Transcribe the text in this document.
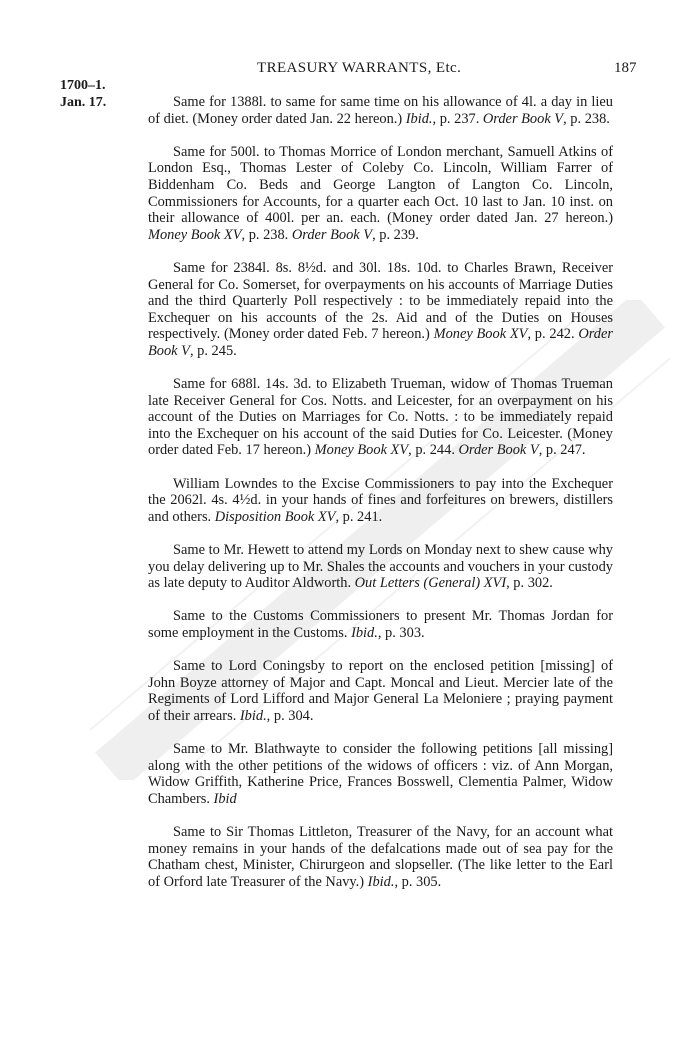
TREASURY WARRANTS, Etc.	187
1700–1.
Jan. 17.	Same for 1388l. to same for same time on his allowance of 4l. a day in lieu of diet. (Money order dated Jan. 22 hereon.) Ibid., p. 237. Order Book V, p. 238.

Same for 500l. to Thomas Morrice of London merchant, Samuell Atkins of London Esq., Thomas Lester of Coleby Co. Lincoln, William Farrer of Biddenham Co. Beds and George Langton of Langton Co. Lincoln, Commissioners for Accounts, for a quarter each Oct. 10 last to Jan. 10 inst. on their allowance of 400l. per an. each. (Money order dated Jan. 27 hereon.) Money Book XV, p. 238. Order Book V, p. 239.

Same for 2384l. 8s. 8½d. and 30l. 18s. 10d. to Charles Brawn, Receiver General for Co. Somerset, for overpayments on his accounts of Marriage Duties and the third Quarterly Poll respectively : to be immediately repaid into the Exchequer on his accounts of the 2s. Aid and of the Duties on Houses respectively. (Money order dated Feb. 7 hereon.) Money Book XV, p. 242. Order Book V, p. 245.

Same for 688l. 14s. 3d. to Elizabeth Trueman, widow of Thomas Trueman late Receiver General for Cos. Notts. and Leicester, for an overpayment on his account of the Duties on Marriages for Co. Notts. : to be immediately repaid into the Exchequer on his account of the said Duties for Co. Leicester. (Money order dated Feb. 17 hereon.) Money Book XV, p. 244. Order Book V, p. 247.

William Lowndes to the Excise Commissioners to pay into the Exchequer the 2062l. 4s. 4½d. in your hands of fines and forfeitures on brewers, distillers and others. Disposition Book XV, p. 241.

Same to Mr. Hewett to attend my Lords on Monday next to shew cause why you delay delivering up to Mr. Shales the accounts and vouchers in your custody as late deputy to Auditor Aldworth. Out Letters (General) XVI, p. 302.

Same to the Customs Commissioners to present Mr. Thomas Jordan for some employment in the Customs. Ibid., p. 303.

Same to Lord Coningsby to report on the enclosed petition [missing] of John Boyze attorney of Major and Capt. Moncal and Lieut. Mercier late of the Regiments of Lord Lifford and Major General La Meloniere ; praying payment of their arrears. Ibid., p. 304.

Same to Mr. Blathwayte to consider the following petitions [all missing] along with the other petitions of the widows of officers : viz. of Ann Morgan, Widow Griffith, Katherine Price, Frances Bosswell, Clementia Palmer, Widow Chambers. Ibid

Same to Sir Thomas Littleton, Treasurer of the Navy, for an account what money remains in your hands of the defalcations made out of sea pay for the Chatham chest, Minister, Chirurgeon and slopseller. (The like letter to the Earl of Orford late Treasurer of the Navy.) Ibid., p. 305.
